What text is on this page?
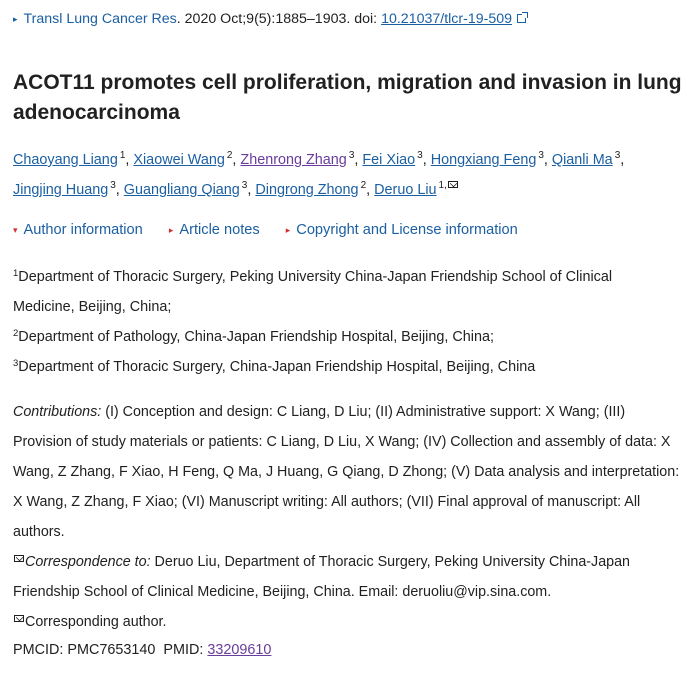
▸ Transl Lung Cancer Res. 2020 Oct;9(5):1885–1903. doi: 10.21037/tlcr-19-509
ACOT11 promotes cell proliferation, migration and invasion in lung adenocarcinoma
Chaoyang Liang $^1$, Xiaowei Wang $^2$, Zhenrong Zhang $^3$, Fei Xiao $^3$, Hongxiang Feng $^3$, Qianli Ma $^3$,
Jingjing Huang $^3$, Guangliang Qiang $^3$, Dingrong Zhong $^2$, Deruo Liu $^{1,}$
▾ Author information	▸ Article notes	▸ Copyright and License information

$^1$Department of Thoracic Surgery, Peking University China-Japan Friendship School of Clinical Medicine, Beijing, China;

$^2$Department of Pathology, China-Japan Friendship Hospital, Beijing, China;

$^3$Department of Thoracic Surgery, China-Japan Friendship Hospital, Beijing, China

Contributions: (I) Conception and design: C Liang, D Liu; (II) Administrative support: X Wang; (III) Provision of study materials or patients: C Liang, D Liu, X Wang; (IV) Collection and assembly of data: X Wang, Z Zhang, F Xiao, H Feng, Q Ma, J Huang, G Qiang, D Zhong; (V) Data analysis and interpretation: X Wang, Z Zhang, F Xiao; (VI) Manuscript writing: All authors; (VII) Final approval of manuscript: All authors.

Correspondence to: Deruo Liu, Department of Thoracic Surgery, Peking University China-Japan Friendship School of Clinical Medicine, Beijing, China. Email: deruoliu@vip.sina.com.

Corresponding author.

PMCID: PMC7653140 PMID: 33209610
